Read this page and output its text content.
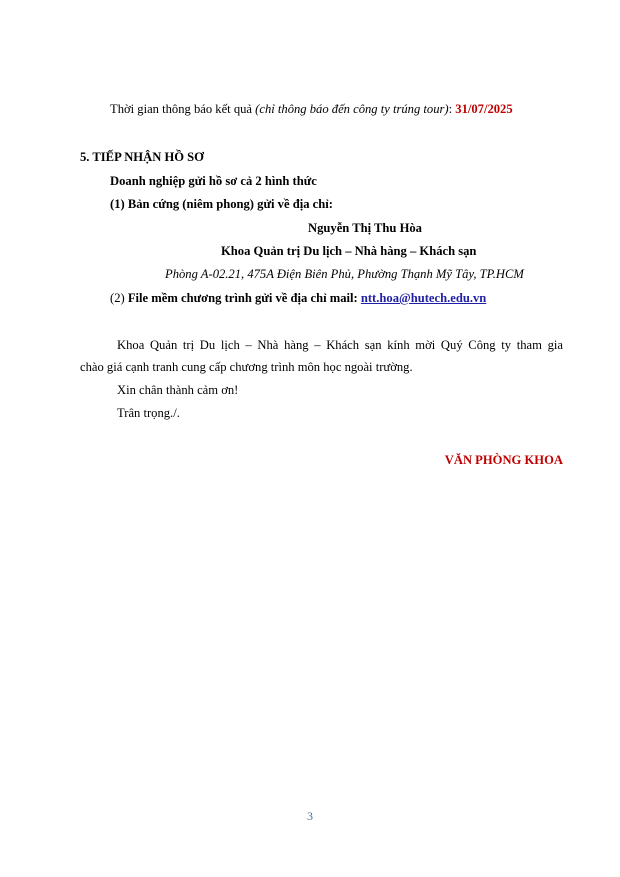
Thời gian thông báo kết quả (chỉ thông báo đến công ty trúng tour): 31/07/2025
5. TIẾP NHẬN HỒ SƠ
Doanh nghiệp gửi hồ sơ cả 2 hình thức
(1) Bản cứng (niêm phong) gửi về địa chỉ:
Nguyễn Thị Thu Hòa
Khoa Quản trị Du lịch – Nhà hàng – Khách sạn
Phòng A-02.21, 475A Điện Biên Phủ, Phường Thạnh Mỹ Tây, TP.HCM
(2) File mềm chương trình gửi về địa chỉ mail: ntt.hoa@hutech.edu.vn
Khoa Quản trị Du lịch – Nhà hàng – Khách sạn kính mời Quý Công ty tham gia
chào giá cạnh tranh cung cấp chương trình môn học ngoài trường.
Xin chân thành cảm ơn!
Trân trọng./.
VĂN PHÒNG KHOA
3
